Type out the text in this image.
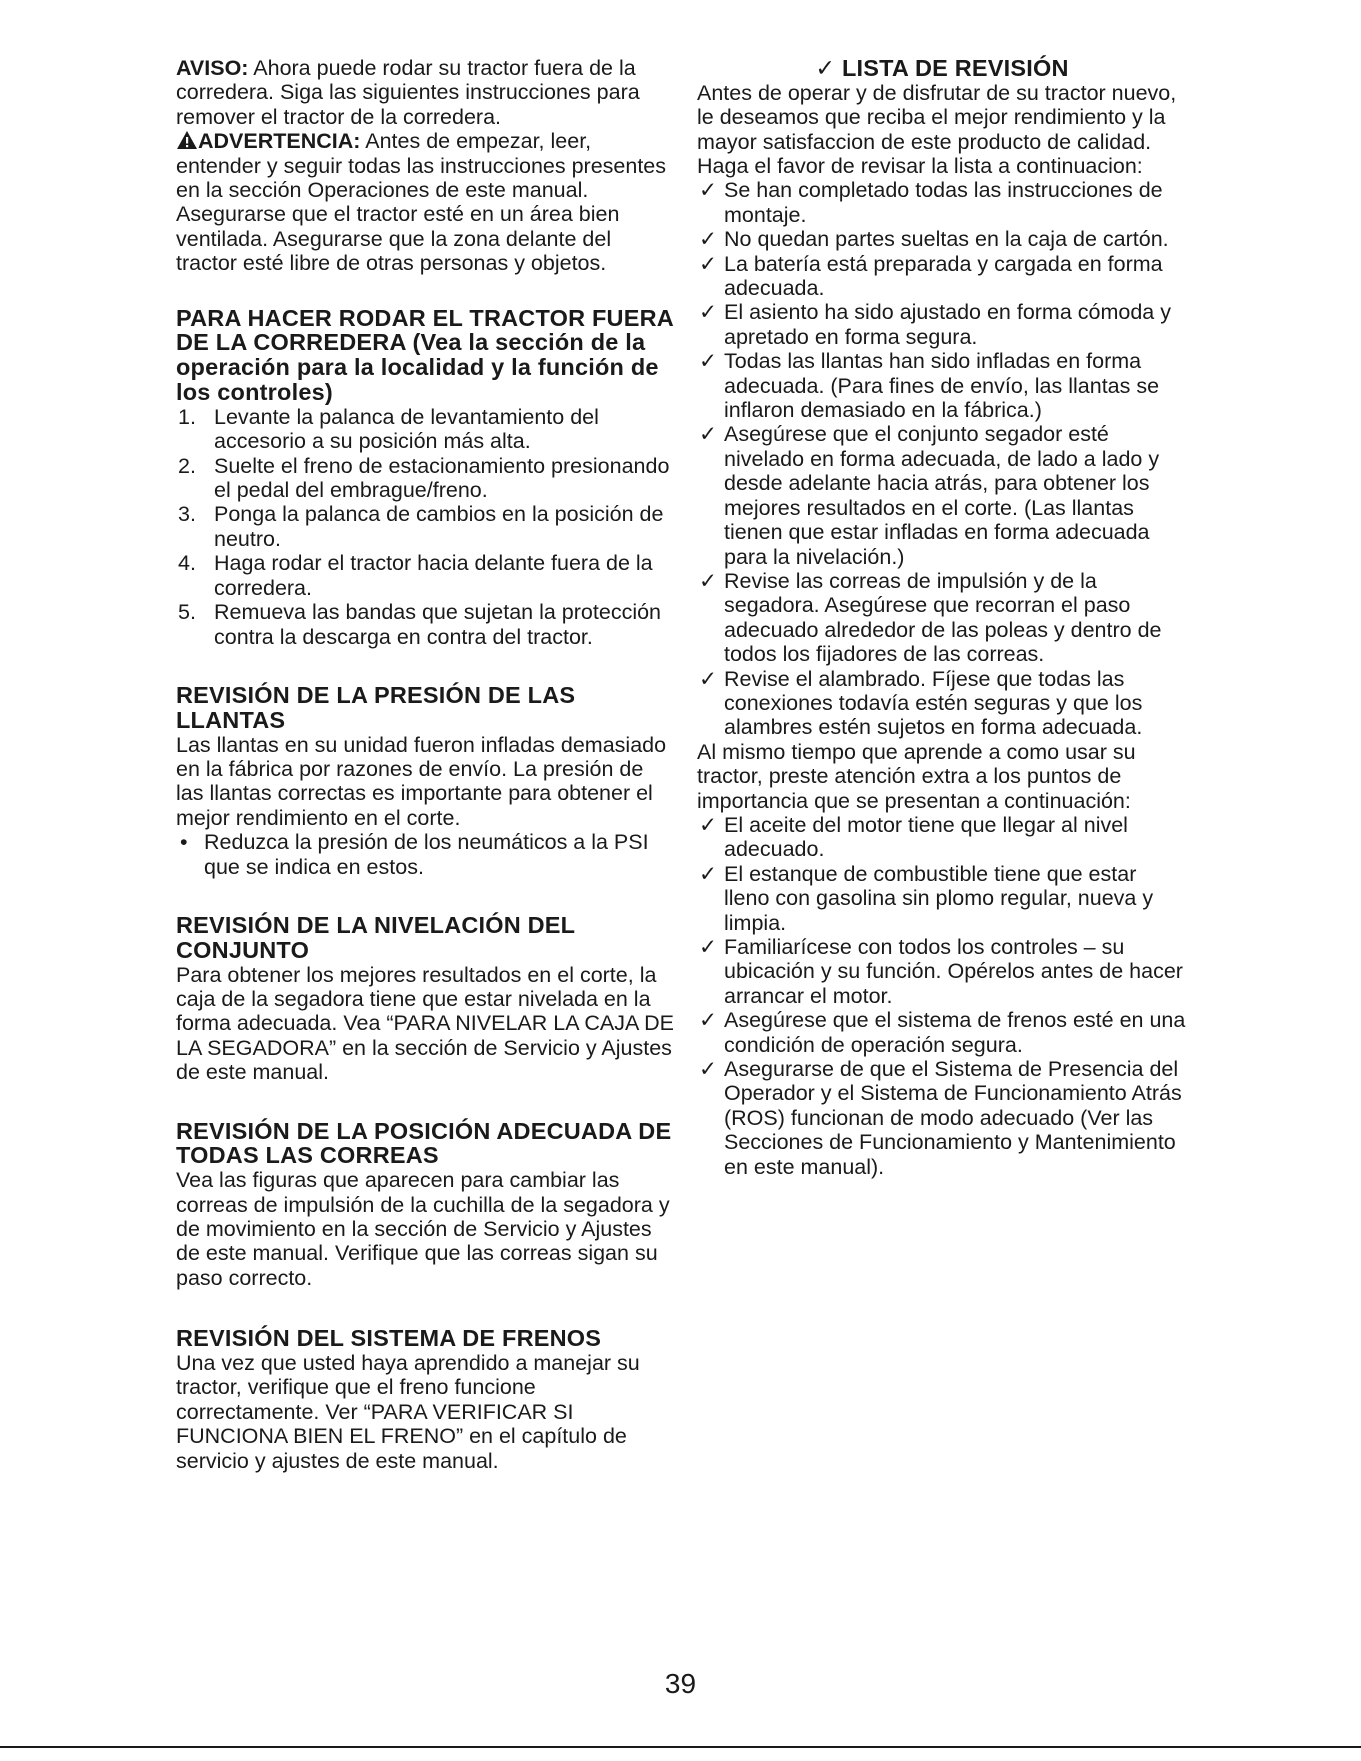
AVISO: Ahora puede rodar su tractor fuera de la corredera. Siga las siguientes instrucciones para remover el tractor de la corredera.

ADVERTENCIA: Antes de empezar, leer, entender y seguir todas las instrucciones presentes en la sección Operaciones de este manual. Asegurarse que el tractor esté en un área bien ventilada. Asegurarse que la zona delante del tractor esté libre de otras personas y objetos.

PARA HACER RODAR EL TRACTOR FUERA DE LA CORREDERA (Vea la sección de la operación para la localidad y la función de los controles)
1. Levante la palanca de levantamiento del accesorio a su posición más alta.
2. Suelte el freno de estacionamiento presionando el pedal del embrague/freno.
3. Ponga la palanca de cambios en la posición de neutro.
4. Haga rodar el tractor hacia delante fuera de la corredera.
5. Remueva las bandas que sujetan la protección contra la descarga en contra del tractor.
REVISIÓN DE LA PRESIÓN DE LAS LLANTAS

Las llantas en su unidad fueron infladas demasiado en la fábrica por razones de envío. La presión de las llantas correctas es importante para obtener el mejor rendimiento en el corte.

• Reduzca la presión de los neumáticos a la PSI que se indica en estos.

REVISIÓN DE LA NIVELACIÓN DEL CONJUNTO

Para obtener los mejores resultados en el corte, la caja de la segadora tiene que estar nivelada en la forma adecuada. Vea “PARA NIVELAR LA CAJA DE LA SEGADORA” en la sección de Servicio y Ajustes de este manual.

REVISIÓN DE LA POSICIÓN ADECUADA DE TODAS LAS CORREAS

Vea las figuras que aparecen para cambiar las correas de impulsión de la cuchilla de la segadora y de movimiento en la sección de Servicio y Ajustes de este manual. Verifique que las correas sigan su paso correcto.

REVISIÓN DEL SISTEMA DE FRENOS

Una vez que usted haya aprendido a manejar su tractor, verifique que el freno funcione correctamente. Ver “PARA VERIFICAR SI FUNCIONA BIEN EL FRENO” en el capítulo de servicio y ajustes de este manual.

✓ LISTA DE REVISIÓN

Antes de operar y de disfrutar de su tractor nuevo, le deseamos que reciba el mejor rendimiento y la mayor satisfaccion de este producto de calidad.

Haga el favor de revisar la lista a continuacion:

✓ Se han completado todas las instrucciones de montaje.

✓ No quedan partes sueltas en la caja de cartón.

✓ La batería está preparada y cargada en forma adecuada.

✓ El asiento ha sido ajustado en forma cómoda y apretado en forma segura.

✓ Todas las llantas han sido infladas en forma adecuada. (Para fines de envío, las llantas se inflaron demasiado en la fábrica.)

✓ Asegúrese que el conjunto segador esté nivelado en forma adecuada, de lado a lado y desde adelante hacia atrás, para obtener los mejores resultados en el corte. (Las llantas tienen que estar infladas en forma adecuada para la nivelación.)

✓ Revise las correas de impulsión y de la segadora. Asegúrese que recorran el paso adecuado alrededor de las poleas y dentro de todos los fijadores de las correas.

✓ Revise el alambrado. Fíjese que todas las conexiones todavía estén seguras y que los alambres estén sujetos en forma adecuada.

Al mismo tiempo que aprende a como usar su tractor, preste atención extra a los puntos de importancia que se presentan a continuación:

✓ El aceite del motor tiene que llegar al nivel adecuado.

✓ El estanque de combustible tiene que estar lleno con gasolina sin plomo regular, nueva y limpia.

✓ Familiarícese con todos los controles – su ubicación y su función. Opérelos antes de hacer arrancar el motor.

✓ Asegúrese que el sistema de frenos esté en una condición de operación segura.

✓ Asegurarse de que el Sistema de Presencia del Operador y el Sistema de Funcionamiento Atrás (ROS) funcionan de modo adecuado (Ver las Secciones de Funcionamiento y Mantenimiento en este manual).

39
